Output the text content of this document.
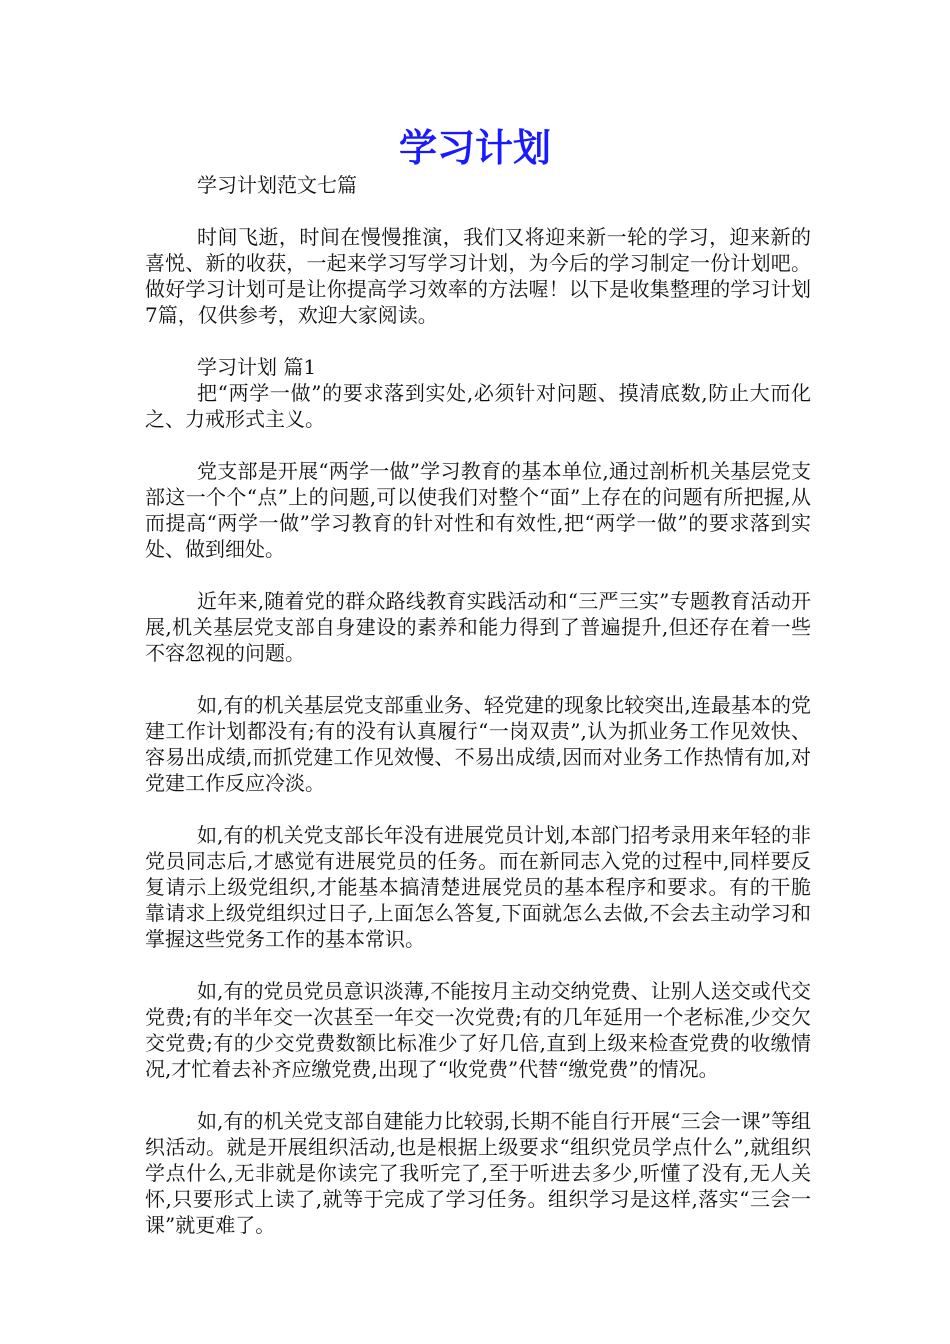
学习计划

学习计划范文七篇

时间飞逝，时间在慢慢推演，我们又将迎来新一轮的学习，迎来新的喜悦、新的收获，一起来学习写学习计划，为今后的学习制定一份计划吧。做好学习计划可是让你提高学习效率的方法喔！以下是收集整理的学习计划7篇，仅供参考，欢迎大家阅读。

学习计划 篇1

把“两学一做”的要求落到实处,必须针对问题、摸清底数,防止大而化之、力戒形式主义。

党支部是开展“两学一做”学习教育的基本单位,通过剖析机关基层党支部这一个个“点”上的问题,可以使我们对整个“面”上存在的问题有所把握,从而提高“两学一做”学习教育的针对性和有效性,把“两学一做”的要求落到实处、做到细处。

近年来,随着党的群众路线教育实践活动和“三严三实”专题教育活动开展,机关基层党支部自身建设的素养和能力得到了普遍提升,但还存在着一些不容忽视的问题。

如,有的机关基层党支部重业务、轻党建的现象比较突出,连最基本的党建工作计划都没有;有的没有认真履行“一岗双责”,认为抓业务工作见效快、容易出成绩,而抓党建工作见效慢、不易出成绩,因而对业务工作热情有加,对党建工作反应冷淡。

如,有的机关党支部长年没有进展党员计划,本部门招考录用来年轻的非党员同志后,才感觉有进展党员的任务。而在新同志入党的过程中,同样要反复请示上级党组织,才能基本搞清楚进展党员的基本程序和要求。有的干脆靠请求上级党组织过日子,上面怎么答复,下面就怎么去做,不会去主动学习和掌握这些党务工作的基本常识。

如,有的党员党员意识淡薄,不能按月主动交纳党费、让别人送交或代交党费;有的半年交一次甚至一年交一次党费;有的几年延用一个老标准,少交欠交党费;有的少交党费数额比标准少了好几倍,直到上级来检查党费的收缴情况,才忙着去补齐应缴党费,出现了“收党费”代替“缴党费”的情况。

如,有的机关党支部自建能力比较弱,长期不能自行开展“三会一课”等组织活动。就是开展组织活动,也是根据上级要求“组织党员学点什么”,就组织学点什么,无非就是你读完了我听完了,至于听进去多少,听懂了没有,无人关怀,只要形式上读了,就等于完成了学习任务。组织学习是这样,落实“三会一课”就更难了。
